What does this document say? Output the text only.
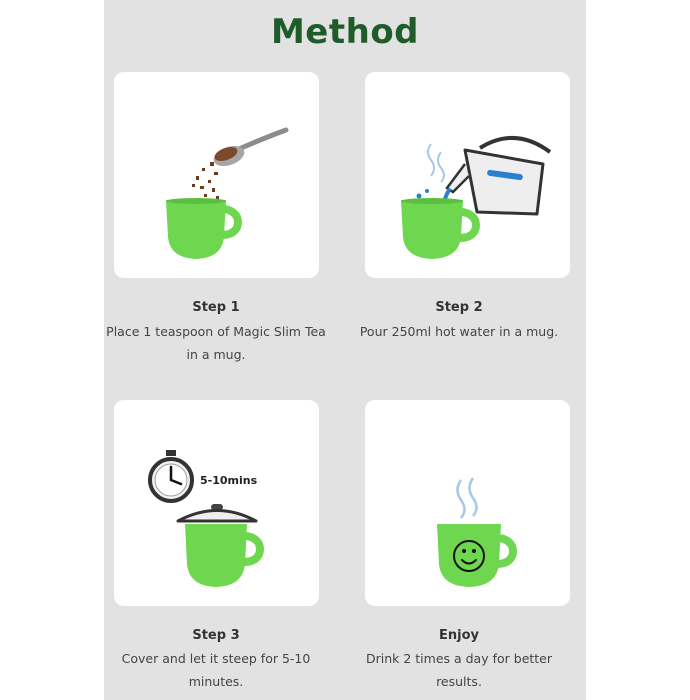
Method
Step 1
Place 1 teaspoon of Magic Slim Tea in a mug.
Step 2
Pour 250ml hot water in a mug.
5-10mins
Step 3
Cover and let it steep for 5-10 minutes.
Enjoy
Drink 2 times a day for better results.
